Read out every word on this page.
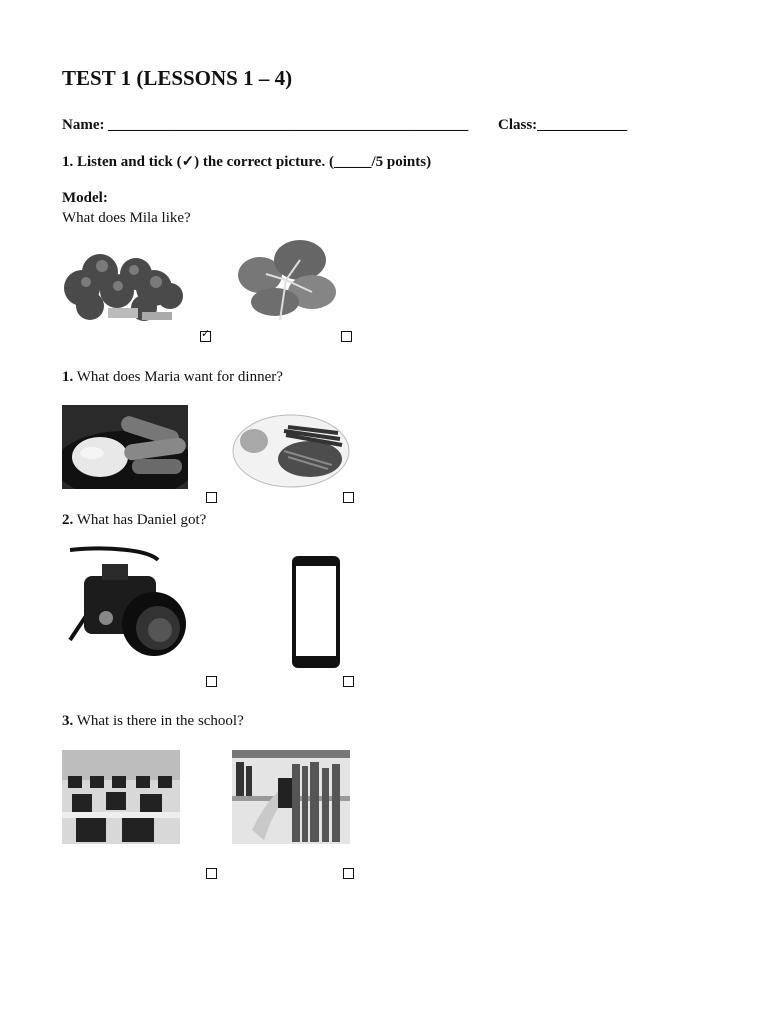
TEST 1 (LESSONS 1 – 4)
Name: ________________________________________________ Class:____________
1. Listen and tick (✓) the correct picture. (_____/5 points)
Model:
What does Mila like?
✓
1. What does Maria want for dinner?
2. What has Daniel got?
3. What is there in the school?
